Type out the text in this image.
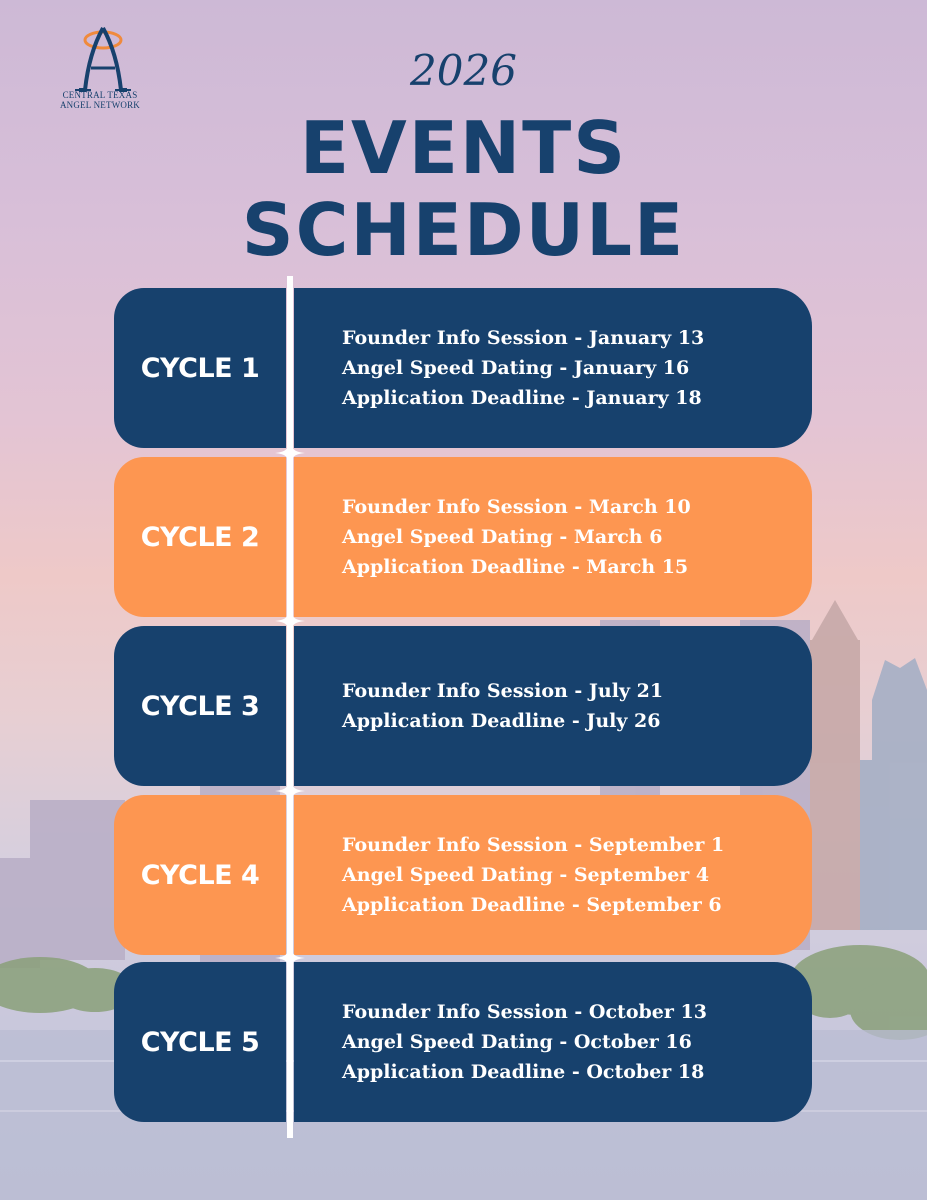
CENTRAL TEXAS
ANGEL NETWORK
2026
EVENTS
SCHEDULE
CYCLE 1
Founder Info Session - January 13
Angel Speed Dating - January 16
Application Deadline - January 18
CYCLE 2
Founder Info Session - March 10
Angel Speed Dating - March 6
Application Deadline - March 15
CYCLE 3	Founder Info Session - July 21
Application Deadline - July 26
CYCLE 4
Founder Info Session - September 1
Angel Speed Dating - September 4
Application Deadline - September 6
CYCLE 5
Founder Info Session - October 13
Angel Speed Dating - October 16
Application Deadline - October 18
